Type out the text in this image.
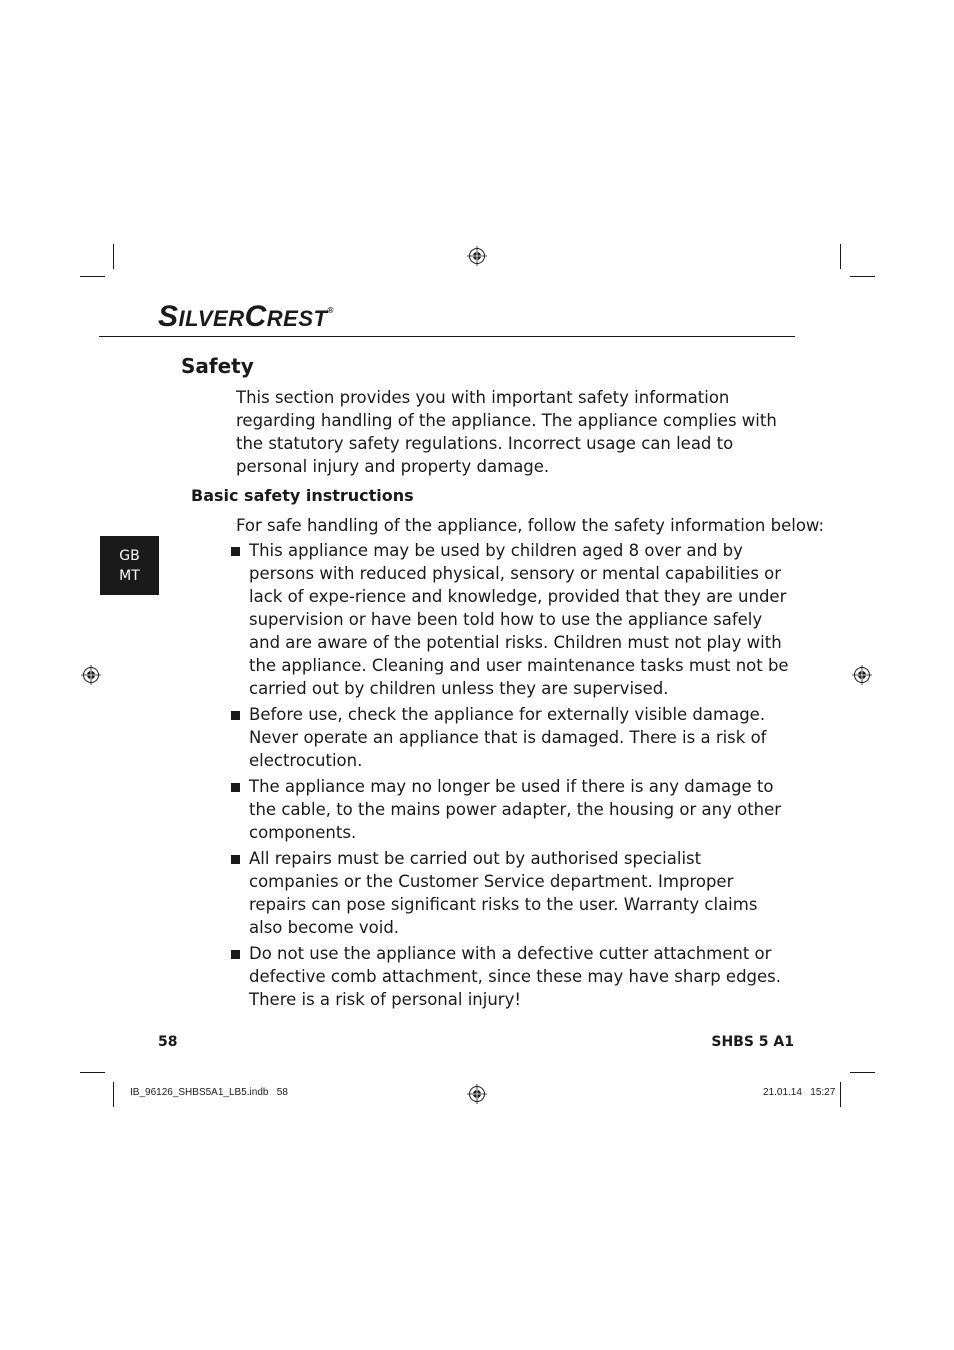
SILVERCREST®
GB
MT
Safety

This section provides you with important safety information regarding handling of the appliance. The appliance complies with the statutory safety regulations. Incorrect usage can lead to personal injury and property damage.

Basic safety instructions

For safe handling of the appliance, follow the safety information below:

This appliance may be used by children aged 8 over and by persons with reduced physical, sensory or mental capabilities or lack of expe-rience and knowledge, provided that they are under supervision or have been told how to use the appliance safely and are aware of the potential risks. Children must not play with the appliance. Cleaning and user maintenance tasks must not be carried out by children unless they are supervised.
Before use, check the appliance for externally visible damage. Never operate an appliance that is damaged. There is a risk of electrocution.
The appliance may no longer be used if there is any damage to the cable, to the mains power adapter, the housing or any other components.
All repairs must be carried out by authorised specialist companies or the Customer Service department. Improper repairs can pose significant risks to the user. Warranty claims also become void.
Do not use the appliance with a defective cutter attachment or defective comb attachment, since these may have sharp edges. There is a risk of personal injury!
58	SHBS 5 A1
IB_96126_SHBS5A1_LB5.indb   58	21.01.14   15:27
